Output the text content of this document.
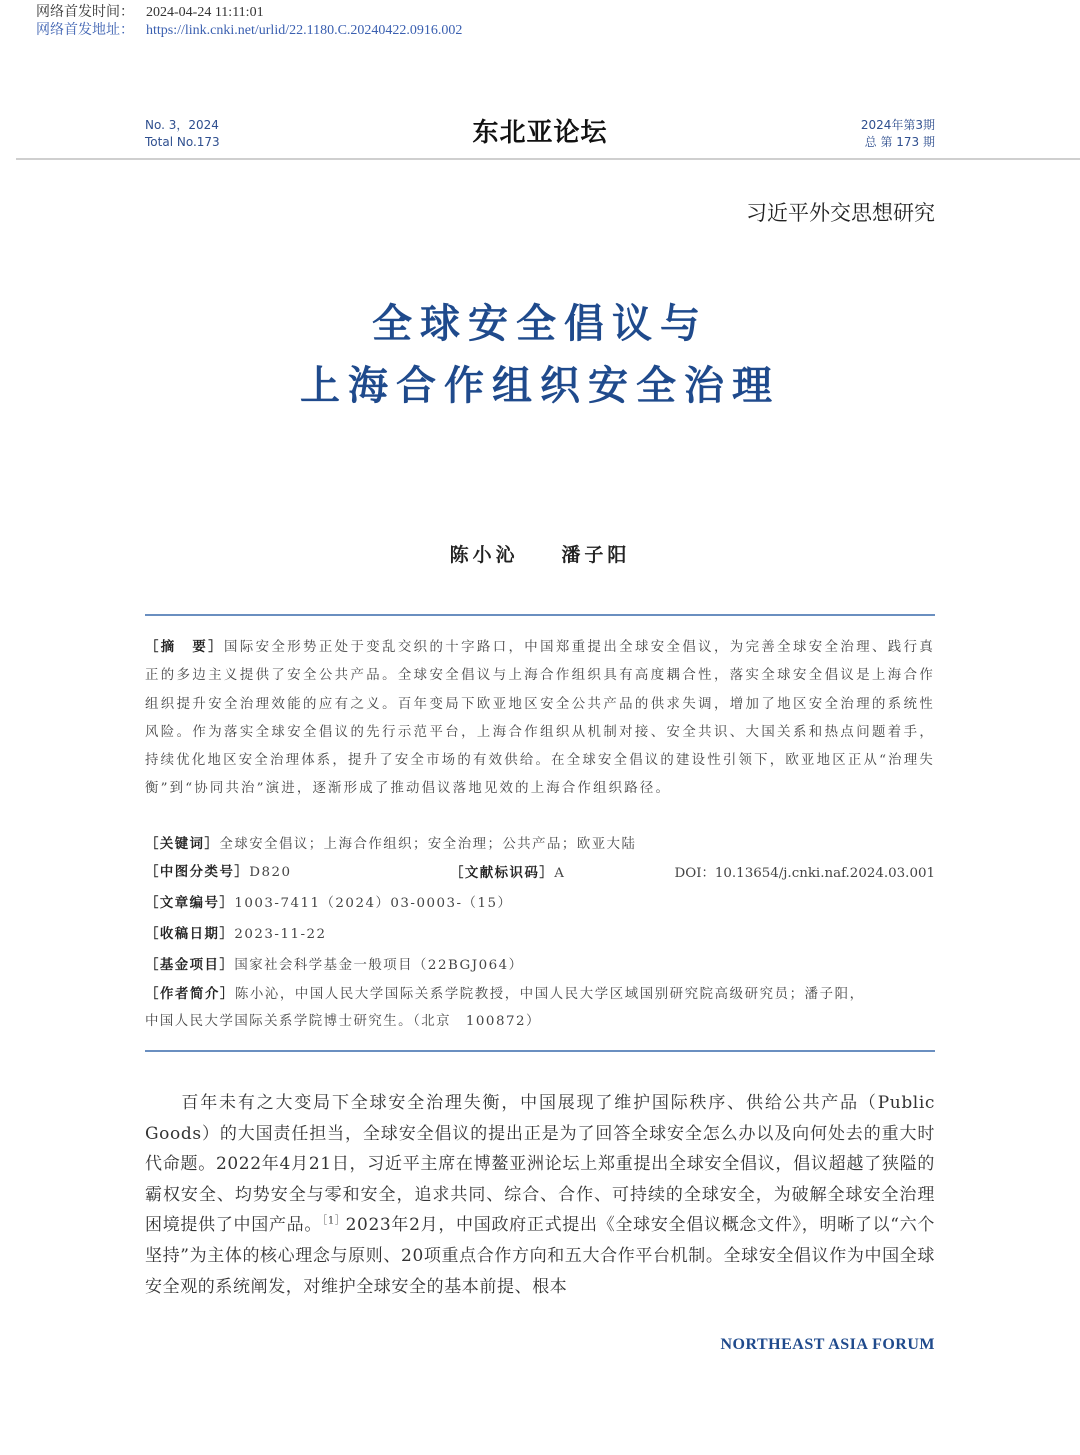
网络首发时间： 2024-04-24 11:11:01
网络首发地址： https://link.cnki.net/urlid/22.1180.C.20240422.0916.002
No. 3，2024
Total No.173	东北亚论坛	2024年第3期
总 第 173 期
习近平外交思想研究
全球安全倡议与
上海合作组织安全治理
陈小沁 潘子阳
［摘　要］国际安全形势正处于变乱交织的十字路口，中国郑重提出全球安全倡议，为完善全球安全治理、践行真正的多边主义提供了安全公共产品。全球安全倡议与上海合作组织具有高度耦合性，落实全球安全倡议是上海合作组织提升安全治理效能的应有之义。百年变局下欧亚地区安全公共产品的供求失调，增加了地区安全治理的系统性风险。作为落实全球安全倡议的先行示范平台，上海合作组织从机制对接、安全共识、大国关系和热点问题着手，持续优化地区安全治理体系，提升了安全市场的有效供给。在全球安全倡议的建设性引领下，欧亚地区正从“治理失衡”到“协同共治”演进，逐渐形成了推动倡议落地见效的上海合作组织路径。
［关键词］全球安全倡议；上海合作组织；安全治理；公共产品；欧亚大陆
［中图分类号］D820	［文献标识码］A	DOI：10.13654/j.cnki.naf.2024.03.001
［文章编号］1003-7411（2024）03-0003-（15）
［收稿日期］2023-11-22
［基金项目］国家社会科学基金一般项目（22BGJ064）
［作者简介］陈小沁，中国人民大学国际关系学院教授，中国人民大学区域国别研究院高级研究员；潘子阳，
中国人民大学国际关系学院博士研究生。（北京　100872）
  百年未有之大变局下全球安全治理失衡，中国展现了维护国际秩序、供给公共产品（Public Goods）的大国责任担当，全球安全倡议的提出正是为了回答全球安全怎么办以及向何处去的重大时代命题。2022年4月21日，习近平主席在博鳌亚洲论坛上郑重提出全球安全倡议，倡议超越了狭隘的霸权安全、均势安全与零和安全，追求共同、综合、合作、可持续的全球安全，为破解全球安全治理困境提供了中国产品。$^{[1]}$2023年2月，中国政府正式提出《全球安全倡议概念文件》，明晰了以“六个坚持”为主体的核心理念与原则、20项重点合作方向和五大合作平台机制。全球安全倡议作为中国全球安全观的系统阐发，对维护全球安全的基本前提、根本
NORTHEAST ASIA FORUM
